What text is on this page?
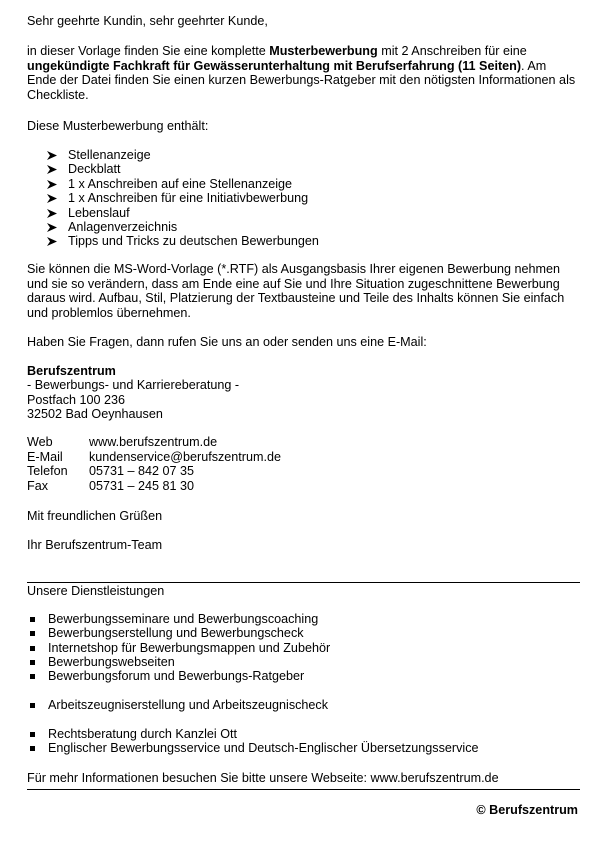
Sehr geehrte Kundin, sehr geehrter Kunde,
in dieser Vorlage finden Sie eine komplette Musterbewerbung mit 2 Anschreiben für eine
ungekündigte Fachkraft für Gewässerunterhaltung mit Berufserfahrung (11 Seiten). Am
Ende der Datei finden Sie einen kurzen Bewerbungs-Ratgeber mit den nötigsten Informationen als
Checkliste.
Diese Musterbewerbung enthält:
Stellenanzeige
Deckblatt
1 x Anschreiben auf eine Stellenanzeige
1 x Anschreiben für eine Initiativbewerbung
Lebenslauf
Anlagenverzeichnis
Tipps und Tricks zu deutschen Bewerbungen
Sie können die MS-Word-Vorlage (*.RTF) als Ausgangsbasis Ihrer eigenen Bewerbung nehmen
und sie so verändern, dass am Ende eine auf Sie und Ihre Situation zugeschnittene Bewerbung
daraus wird. Aufbau, Stil, Platzierung der Textbausteine und Teile des Inhalts können Sie einfach
und problemlos übernehmen.
Haben Sie Fragen, dann rufen Sie uns an oder senden uns eine E-Mail:
Berufszentrum
- Bewerbungs- und Karriereberatung -
Postfach 100 236
32502 Bad Oeynhausen
Web	www.berufszentrum.de
E-Mail kundenservice@berufszentrum.de
Telefon 05731 – 842 07 35
Fax	05731 – 245 81 30
Mit freundlichen Grüßen
Ihr Berufszentrum-Team
Unsere Dienstleistungen
Bewerbungsseminare und Bewerbungscoaching
Bewerbungserstellung und Bewerbungscheck
Internetshop für Bewerbungsmappen und Zubehör
Bewerbungswebseiten
Bewerbungsforum und Bewerbungs-Ratgeber
Arbeitszeugniserstellung und Arbeitszeugnischeck
Rechtsberatung durch Kanzlei Ott
Englischer Bewerbungsservice und Deutsch-Englischer Übersetzungsservice
Für mehr Informationen besuchen Sie bitte unsere Webseite: www.berufszentrum.de
© Berufszentrum
